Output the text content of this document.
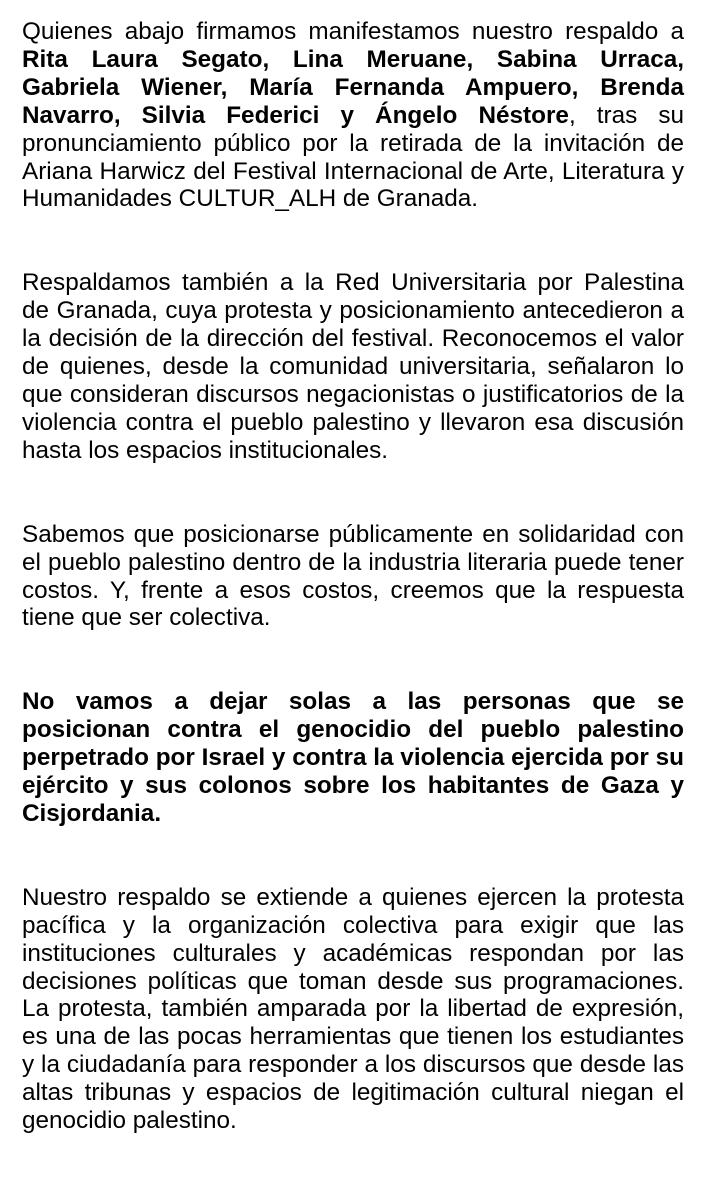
Quienes abajo firmamos manifestamos nuestro respaldo a Rita Laura Segato, Lina Meruane, Sabina Urraca, Gabriela Wiener, María Fernanda Ampuero, Brenda Navarro, Silvia Federici y Ángelo Néstore, tras su pronunciamiento público por la retirada de la invitación de Ariana Harwicz del Festival Internacional de Arte, Literatura y Humanidades CULTUR_ALH de Granada.

Respaldamos también a la Red Universitaria por Palestina de Granada, cuya protesta y posicionamiento antecedieron a la decisión de la dirección del festival. Reconocemos el valor de quienes, desde la comunidad universitaria, señalaron lo que consideran discursos negacionistas o justificatorios de la violencia contra el pueblo palestino y llevaron esa discusión hasta los espacios institucionales.

Sabemos que posicionarse públicamente en solidaridad con el pueblo palestino dentro de la industria literaria puede tener costos. Y, frente a esos costos, creemos que la respuesta tiene que ser colectiva.

No vamos a dejar solas a las personas que se posicionan contra el genocidio del pueblo palestino perpetrado por Israel y contra la violencia ejercida por su ejército y sus colonos sobre los habitantes de Gaza y Cisjordania.

Nuestro respaldo se extiende a quienes ejercen la protesta pacífica y la organización colectiva para exigir que las instituciones culturales y académicas respondan por las decisiones políticas que toman desde sus programaciones. La protesta, también amparada por la libertad de expresión, es una de las pocas herramientas que tienen los estudiantes y la ciudadanía para responder a los discursos que desde las altas tribunas y espacios de legitimación cultural niegan el genocidio palestino.
